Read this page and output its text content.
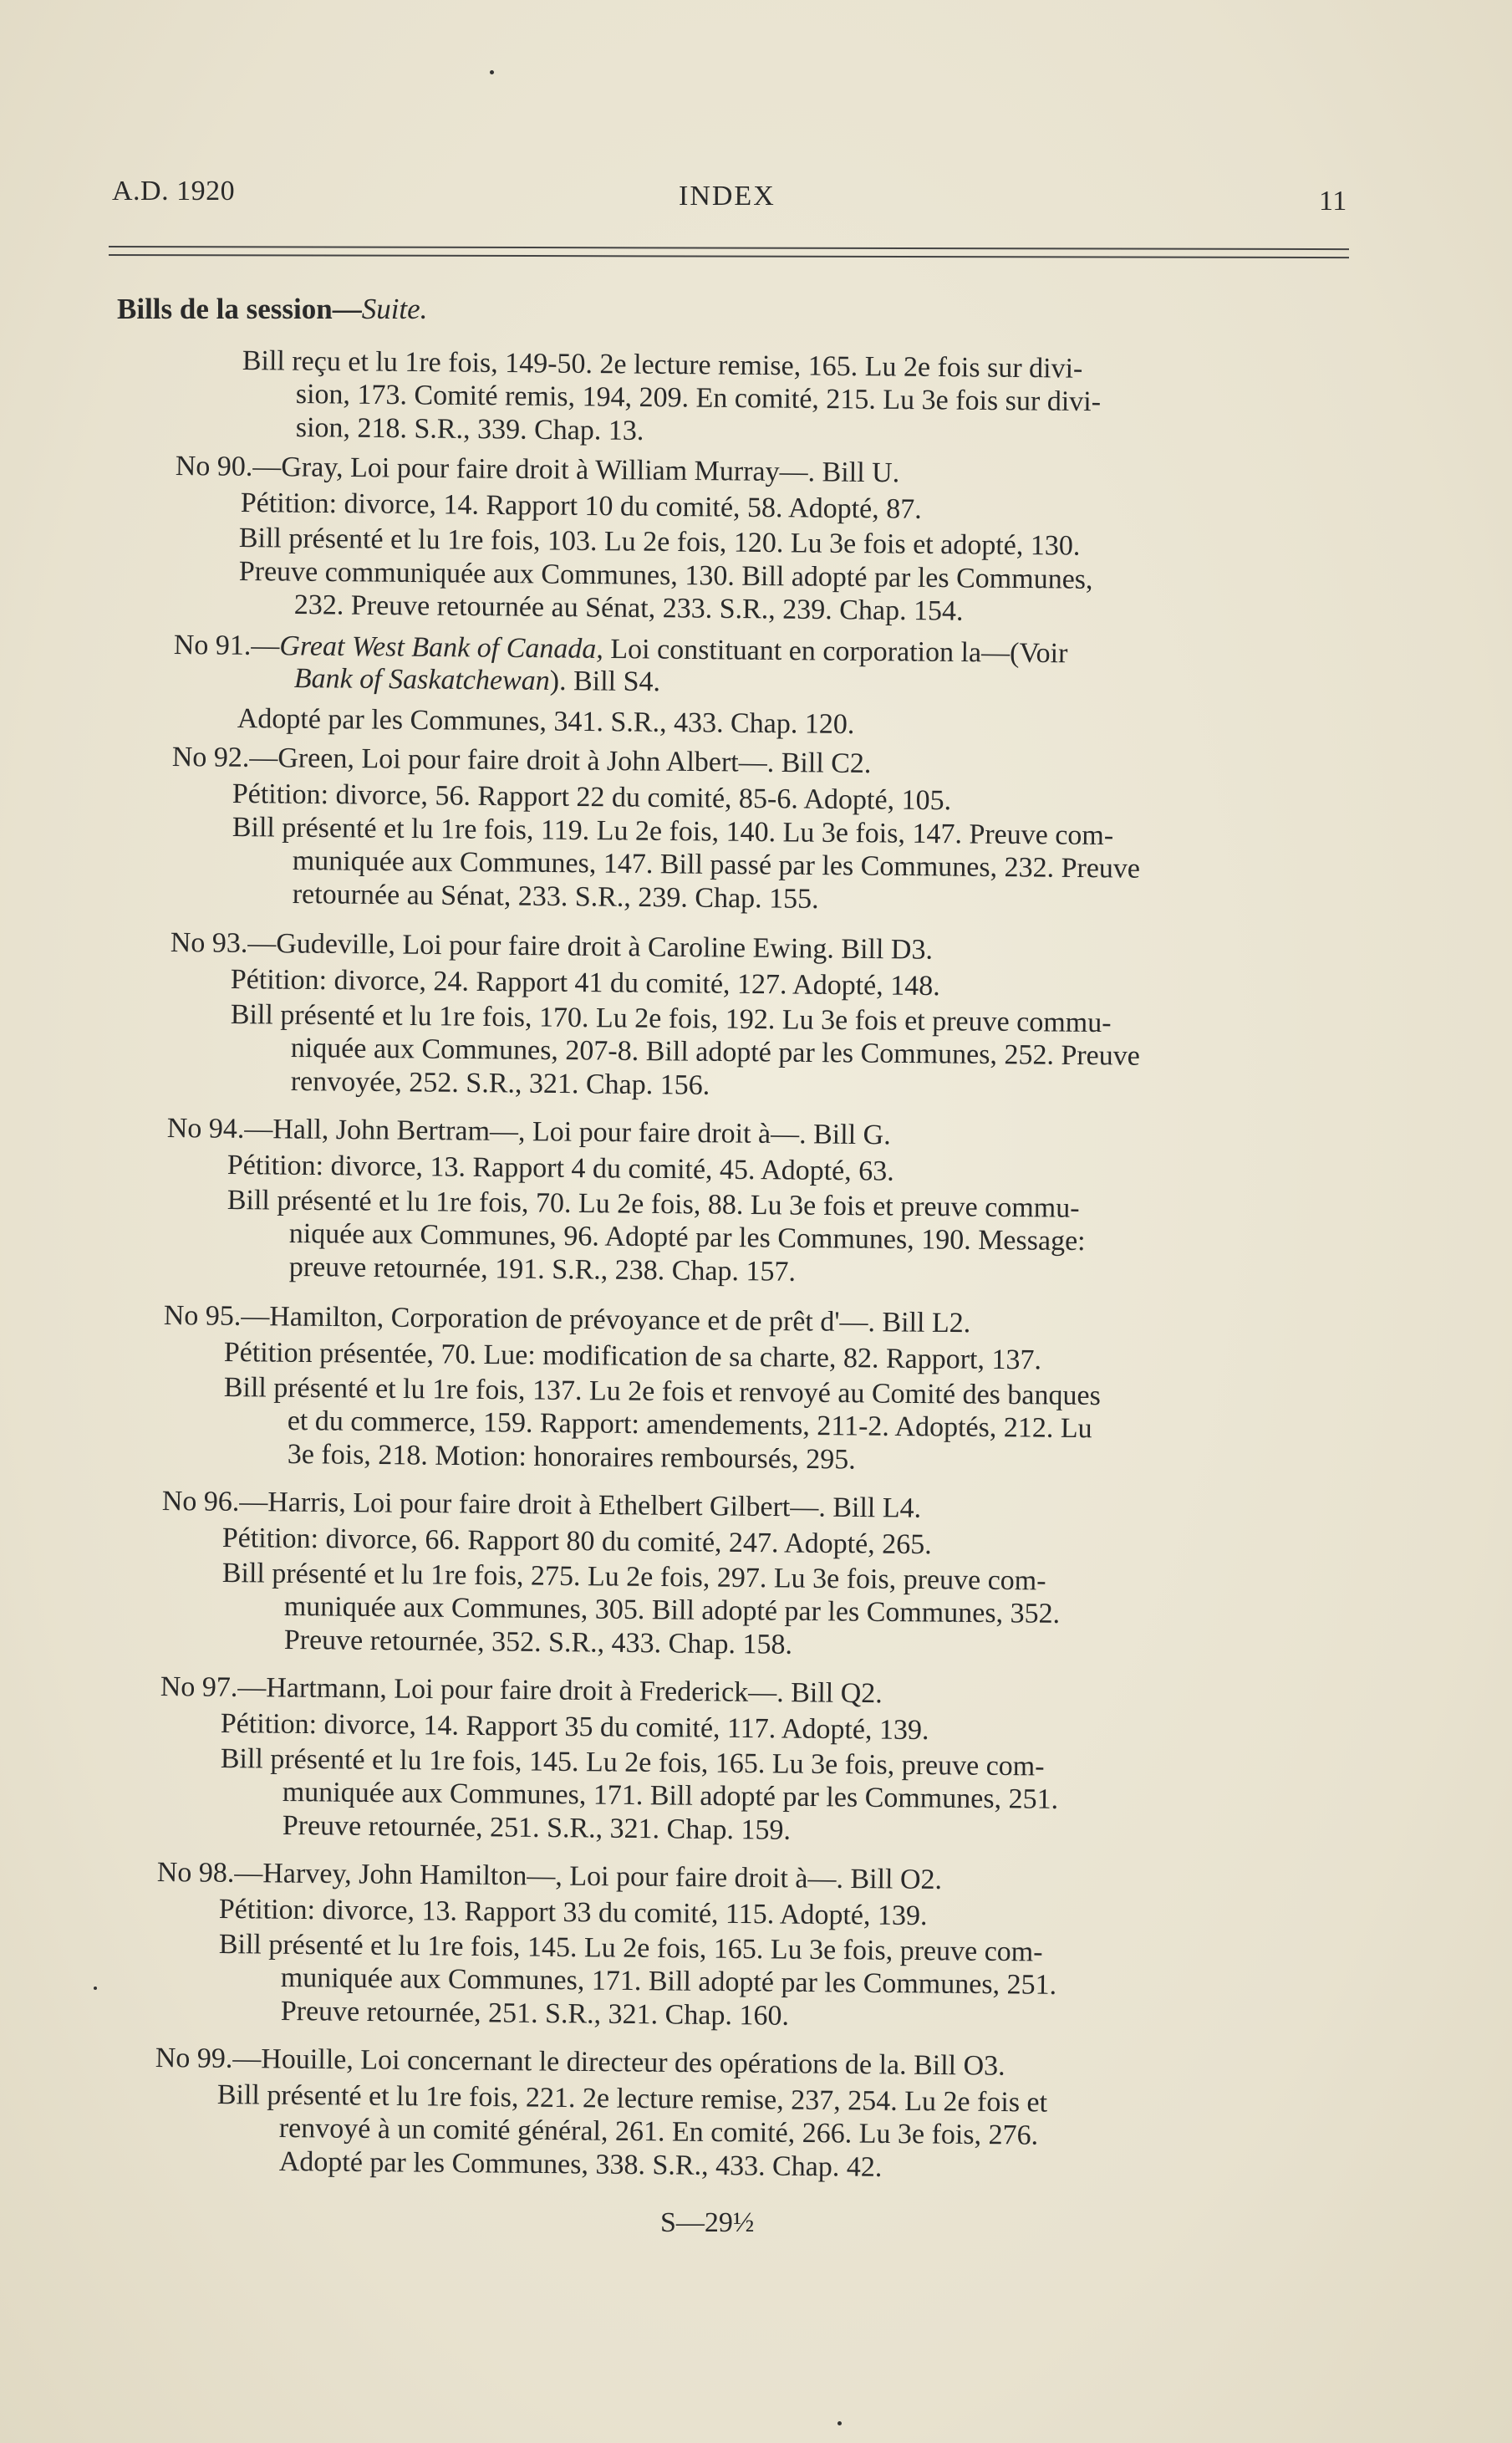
A.D. 1920	INDEX	11
Bills de la session—Suite.
Bill reçu et lu 1re fois, 149-50. 2e lecture remise, 165. Lu 2e fois sur divi-
sion, 173. Comité remis, 194, 209. En comité, 215. Lu 3e fois sur divi-
sion, 218. S.R., 339. Chap. 13.
No 90.—Gray, Loi pour faire droit à William Murray—. Bill U.
Pétition: divorce, 14. Rapport 10 du comité, 58. Adopté, 87.
Bill présenté et lu 1re fois, 103. Lu 2e fois, 120. Lu 3e fois et adopté, 130.
Preuve communiquée aux Communes, 130. Bill adopté par les Communes,
232. Preuve retournée au Sénat, 233. S.R., 239. Chap. 154.
No 91.—Great West Bank of Canada, Loi constituant en corporation la—(Voir
Bank of Saskatchewan). Bill S4.
Adopté par les Communes, 341. S.R., 433. Chap. 120.
No 92.—Green, Loi pour faire droit à John Albert—. Bill C2.
Pétition: divorce, 56. Rapport 22 du comité, 85-6. Adopté, 105.
Bill présenté et lu 1re fois, 119. Lu 2e fois, 140. Lu 3e fois, 147. Preuve com-
muniquée aux Communes, 147. Bill passé par les Communes, 232. Preuve
retournée au Sénat, 233. S.R., 239. Chap. 155.
No 93.—Gudeville, Loi pour faire droit à Caroline Ewing. Bill D3.
Pétition: divorce, 24. Rapport 41 du comité, 127. Adopté, 148.
Bill présenté et lu 1re fois, 170. Lu 2e fois, 192. Lu 3e fois et preuve commu-
niquée aux Communes, 207-8. Bill adopté par les Communes, 252. Preuve
renvoyée, 252. S.R., 321. Chap. 156.
No 94.—Hall, John Bertram—, Loi pour faire droit à—. Bill G.
Pétition: divorce, 13. Rapport 4 du comité, 45. Adopté, 63.
Bill présenté et lu 1re fois, 70. Lu 2e fois, 88. Lu 3e fois et preuve commu-
niquée aux Communes, 96. Adopté par les Communes, 190. Message:
preuve retournée, 191. S.R., 238. Chap. 157.
No 95.—Hamilton, Corporation de prévoyance et de prêt d'—. Bill L2.
Pétition présentée, 70. Lue: modification de sa charte, 82. Rapport, 137.
Bill présenté et lu 1re fois, 137. Lu 2e fois et renvoyé au Comité des banques
et du commerce, 159. Rapport: amendements, 211-2. Adoptés, 212. Lu
3e fois, 218. Motion: honoraires remboursés, 295.
No 96.—Harris, Loi pour faire droit à Ethelbert Gilbert—. Bill L4.
Pétition: divorce, 66. Rapport 80 du comité, 247. Adopté, 265.
Bill présenté et lu 1re fois, 275. Lu 2e fois, 297. Lu 3e fois, preuve com-
muniquée aux Communes, 305. Bill adopté par les Communes, 352.
Preuve retournée, 352. S.R., 433. Chap. 158.
No 97.—Hartmann, Loi pour faire droit à Frederick—. Bill Q2.
Pétition: divorce, 14. Rapport 35 du comité, 117. Adopté, 139.
Bill présenté et lu 1re fois, 145. Lu 2e fois, 165. Lu 3e fois, preuve com-
muniquée aux Communes, 171. Bill adopté par les Communes, 251.
Preuve retournée, 251. S.R., 321. Chap. 159.
No 98.—Harvey, John Hamilton—, Loi pour faire droit à—. Bill O2.
Pétition: divorce, 13. Rapport 33 du comité, 115. Adopté, 139.
Bill présenté et lu 1re fois, 145. Lu 2e fois, 165. Lu 3e fois, preuve com-
muniquée aux Communes, 171. Bill adopté par les Communes, 251.
Preuve retournée, 251. S.R., 321. Chap. 160.
No 99.—Houille, Loi concernant le directeur des opérations de la. Bill O3.
Bill présenté et lu 1re fois, 221. 2e lecture remise, 237, 254. Lu 2e fois et
renvoyé à un comité général, 261. En comité, 266. Lu 3e fois, 276.
Adopté par les Communes, 338. S.R., 433. Chap. 42.
S—29½
